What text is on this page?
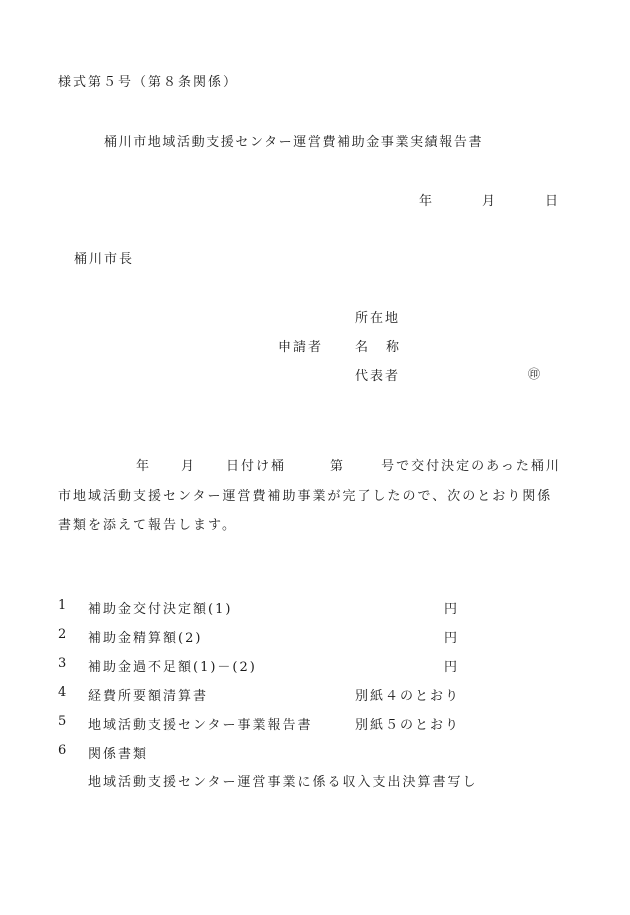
様式第５号（第８条関係）
桶川市地域活動支援センター運営費補助金事業実績報告書
年	月	日
桶川市長
所在地
申請者 名称
代表者	㊞
年 月 日付け桶	第	号で交付決定のあった桶川
市地域活動支援センター運営費補助事業が完了したので、次のとおり関係
書類を添えて報告します。
1 補助金交付決定額(1)	円
2 補助金精算額(2)	円
3 補助金過不足額(1)－(2)	円
4 経費所要額清算書	別紙４のとおり
5 地域活動支援センター事業報告書	別紙５のとおり
6 関係書類
地域活動支援センター運営事業に係る収入支出決算書写し
